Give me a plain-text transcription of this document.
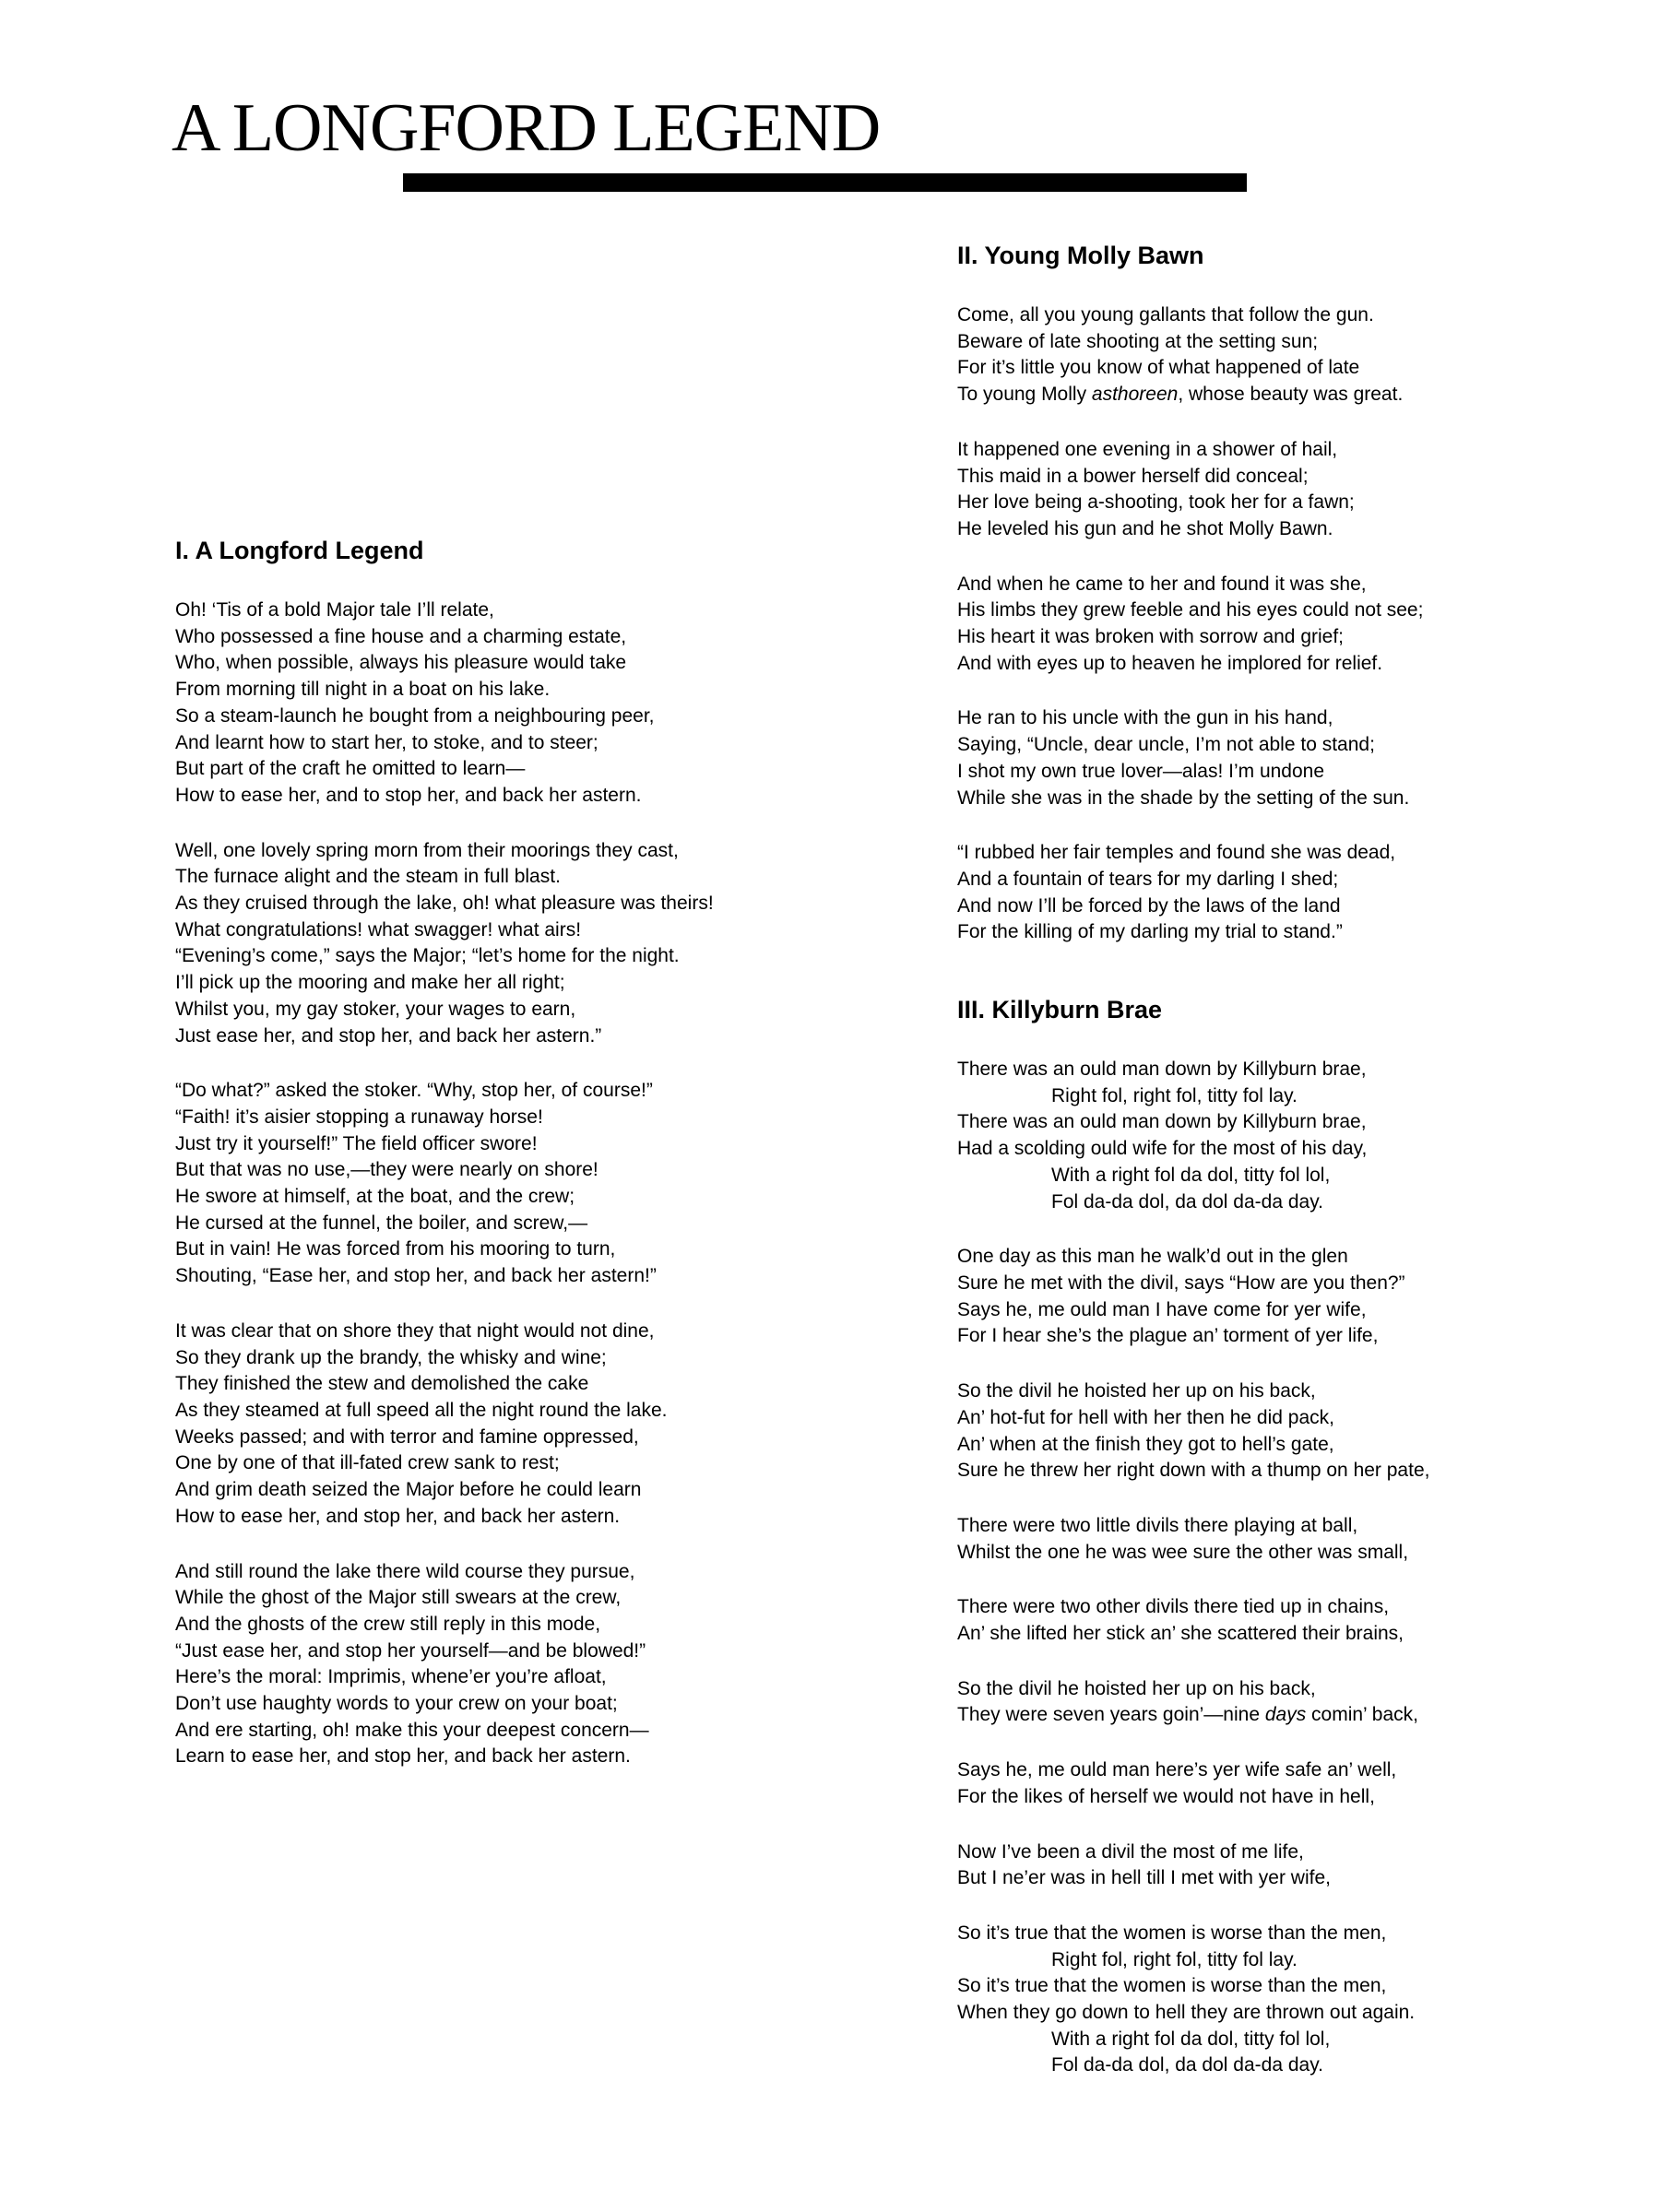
A LONGFORD LEGEND
I. A Longford Legend
Oh! ‘Tis of a bold Major tale I’ll relate,
Who possessed a fine house and a charming estate,
Who, when possible, always his pleasure would take
From morning till night in a boat on his lake.
So a steam-launch he bought from a neighbouring peer,
And learnt how to start her, to stoke, and to steer;
But part of the craft he omitted to learn—
How to ease her, and to stop her, and back her astern.
Well, one lovely spring morn from their moorings they cast,
The furnace alight and the steam in full blast.
As they cruised through the lake, oh! what pleasure was theirs!
What congratulations! what swagger! what airs!
“Evening’s come,” says the Major; “let’s home for the night.
I’ll pick up the mooring and make her all right;
Whilst you, my gay stoker, your wages to earn,
Just ease her, and stop her, and back her astern.”
“Do what?” asked the stoker. “Why, stop her, of course!”
“Faith! it’s aisier stopping a runaway horse!
Just try it yourself!” The field officer swore!
But that was no use,—they were nearly on shore!
He swore at himself, at the boat, and the crew;
He cursed at the funnel, the boiler, and screw,—
But in vain! He was forced from his mooring to turn,
Shouting, “Ease her, and stop her, and back her astern!”
It was clear that on shore they that night would not dine,
So they drank up the brandy, the whisky and wine;
They finished the stew and demolished the cake
As they steamed at full speed all the night round the lake.
Weeks passed; and with terror and famine oppressed,
One by one of that ill-fated crew sank to rest;
And grim death seized the Major before he could learn
How to ease her, and stop her, and back her astern.
And still round the lake there wild course they pursue,
While the ghost of the Major still swears at the crew,
And the ghosts of the crew still reply in this mode,
“Just ease her, and stop her yourself—and be blowed!”
Here’s the moral: Imprimis, whene’er you’re afloat,
Don’t use haughty words to your crew on your boat;
And ere starting, oh! make this your deepest concern—
Learn to ease her, and stop her, and back her astern.
II. Young Molly Bawn
Come, all you young gallants that follow the gun.
Beware of late shooting at the setting sun;
For it’s little you know of what happened of late
To young Molly asthoreen, whose beauty was great.
It happened one evening in a shower of hail,
This maid in a bower herself did conceal;
Her love being a-shooting, took her for a fawn;
He leveled his gun and he shot Molly Bawn.
And when he came to her and found it was she,
His limbs they grew feeble and his eyes could not see;
His heart it was broken with sorrow and grief;
And with eyes up to heaven he implored for relief.
He ran to his uncle with the gun in his hand,
Saying, “Uncle, dear uncle, I’m not able to stand;
I shot my own true lover—alas! I’m undone
While she was in the shade by the setting of the sun.
“I rubbed her fair temples and found she was dead,
And a fountain of tears for my darling I shed;
And now I’ll be forced by the laws of the land
For the killing of my darling my trial to stand.”
III. Killyburn Brae
There was an ould man down by Killyburn brae,
Right fol, right fol, titty fol lay.
There was an ould man down by Killyburn brae,
Had a scolding ould wife for the most of his day,
With a right fol da dol, titty fol lol,
Fol da-da dol, da dol da-da day.
One day as this man he walk’d out in the glen
Sure he met with the divil, says “How are you then?”
Says he, me ould man I have come for yer wife,
For I hear she’s the plague an’ torment of yer life,
So the divil he hoisted her up on his back,
An’ hot-fut for hell with her then he did pack,
An’ when at the finish they got to hell’s gate,
Sure he threw her right down with a thump on her pate,
There were two little divils there playing at ball,
Whilst the one he was wee sure the other was small,
There were two other divils there tied up in chains,
An’ she lifted her stick an’ she scattered their brains,
So the divil he hoisted her up on his back,
They were seven years goin’—nine days comin’ back,
Says he, me ould man here’s yer wife safe an’ well,
For the likes of herself we would not have in hell,
Now I’ve been a divil the most of me life,
But I ne’er was in hell till I met with yer wife,
So it’s true that the women is worse than the men,
Right fol, right fol, titty fol lay.
So it’s true that the women is worse than the men,
When they go down to hell they are thrown out again.
With a right fol da dol, titty fol lol,
Fol da-da dol, da dol da-da day.
